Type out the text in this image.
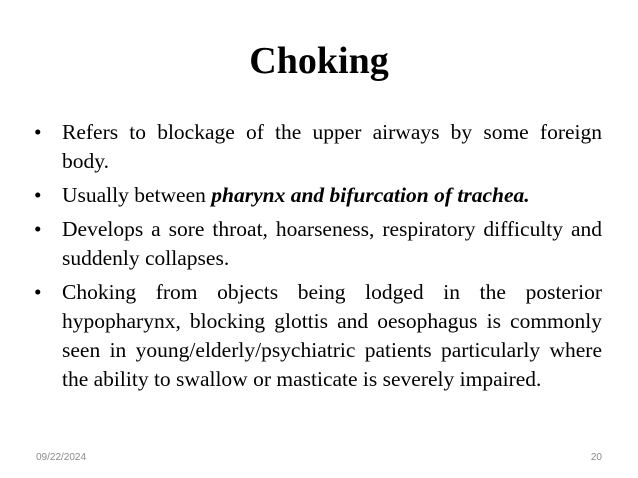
Choking
• Refers to blockage of the upper airways by some foreign body.
• Usually between pharynx and bifurcation of trachea.
• Develops a sore throat, hoarseness, respiratory difficulty and suddenly collapses.
• Choking from objects being lodged in the posterior hypopharynx, blocking glottis and oesophagus is commonly seen in young/elderly/psychiatric patients particularly where the ability to swallow or masticate is severely impaired.
09/22/2024	20
